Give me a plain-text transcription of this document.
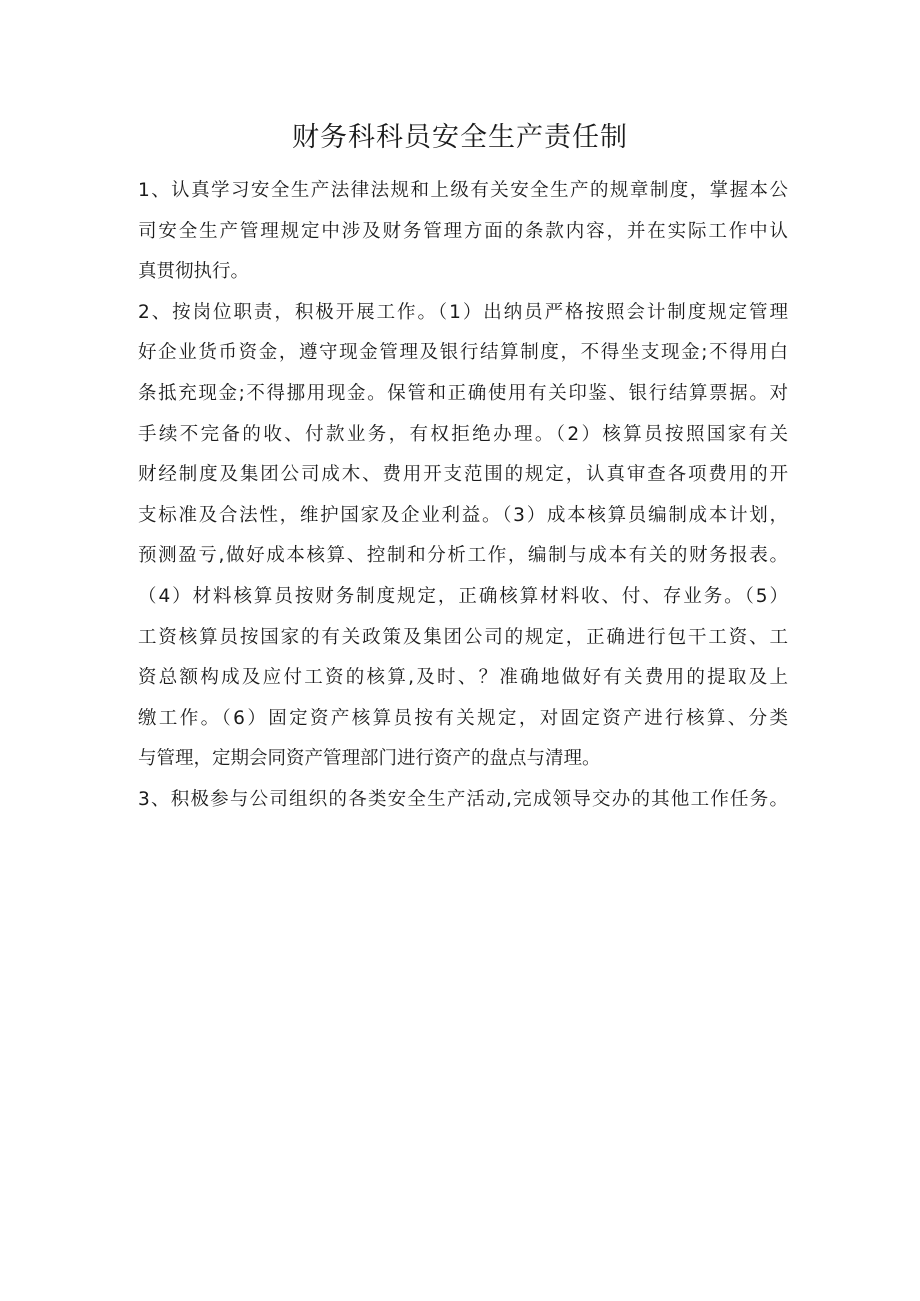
财务科科员安全生产责任制

1、认真学习安全生产法律法规和上级有关安全生产的规章制度，掌握本公
司安全生产管理规定中涉及财务管理方面的条款内容，并在实际工作中认
真贯彻执行。

2、按岗位职责，积极开展工作。（1）出纳员严格按照会计制度规定管理
好企业货币资金，遵守现金管理及银行结算制度，不得坐支现金;不得用白
条抵充现金;不得挪用现金。保管和正确使用有关印鉴、银行结算票据。对
手续不完备的收、付款业务，有权拒绝办理。（2）核算员按照国家有关
财经制度及集团公司成木、费用开支范围的规定，认真审查各项费用的开
支标准及合法性，维护国家及企业利益。（3）成本核算员编制成本计划，
预测盈亏,做好成本核算、控制和分析工作，编制与成本有关的财务报表。
（4）材料核算员按财务制度规定，正确核算材料收、付、存业务。（5）
工资核算员按国家的有关政策及集团公司的规定，正确进行包干工资、工
资总额构成及应付工资的核算,及时、？准确地做好有关费用的提取及上
缴工作。（6）固定资产核算员按有关规定，对固定资产进行核算、分类
与管理，定期会同资产管理部门进行资产的盘点与清理。

3、积极参与公司组织的各类安全生产活动,完成领导交办的其他工作任务。
